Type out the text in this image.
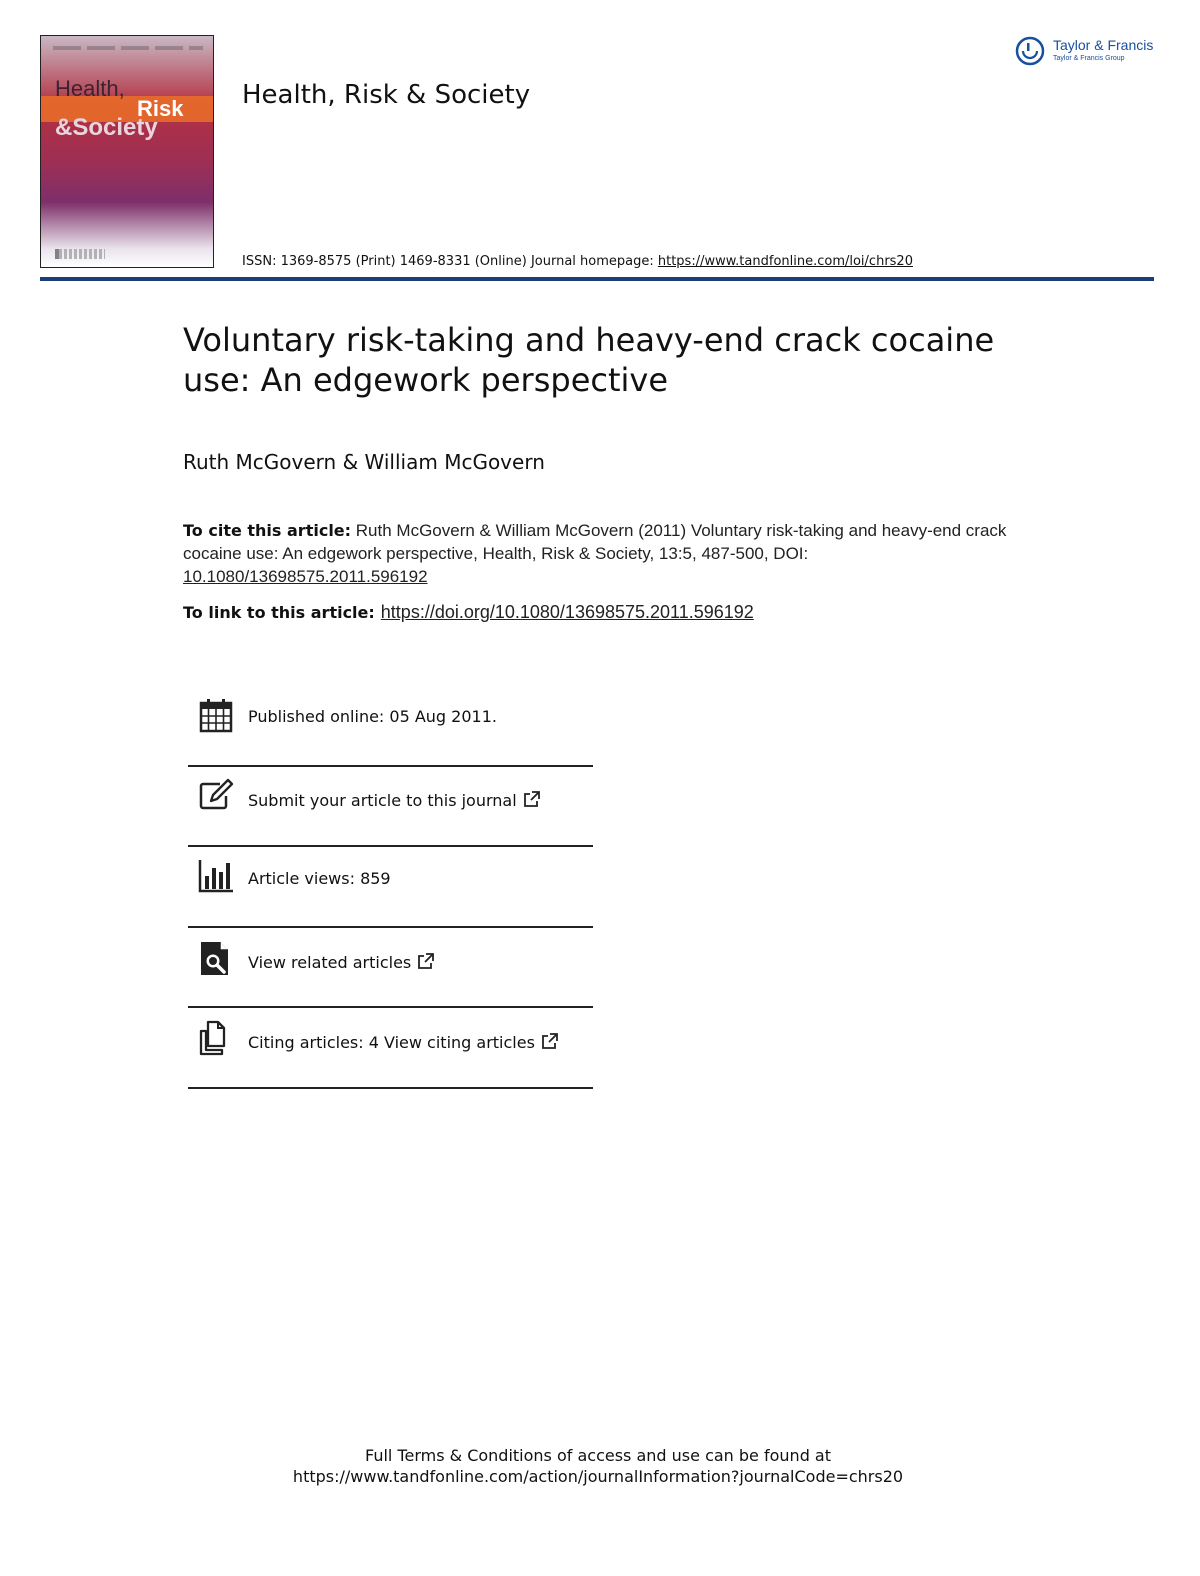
Health,
Risk
&Society
Health, Risk & Society
Taylor & Francis
Taylor & Francis Group
ISSN: 1369-8575 (Print) 1469-8331 (Online) Journal homepage: https://www.tandfonline.com/loi/chrs20
Voluntary risk-taking and heavy-end crack cocaine use: An edgework perspective
Ruth McGovern & William McGovern
To cite this article: Ruth McGovern & William McGovern (2011) Voluntary risk-taking and heavy-end crack cocaine use: An edgework perspective, Health, Risk & Society, 13:5, 487-500, DOI: 10.1080/13698575.2011.596192
To link to this article: https://doi.org/10.1080/13698575.2011.596192
Published online: 05 Aug 2011.
Submit your article to this journal
Article views: 859
View related articles
Citing articles: 4 View citing articles
Full Terms & Conditions of access and use can be found at
https://www.tandfonline.com/action/journalInformation?journalCode=chrs20
